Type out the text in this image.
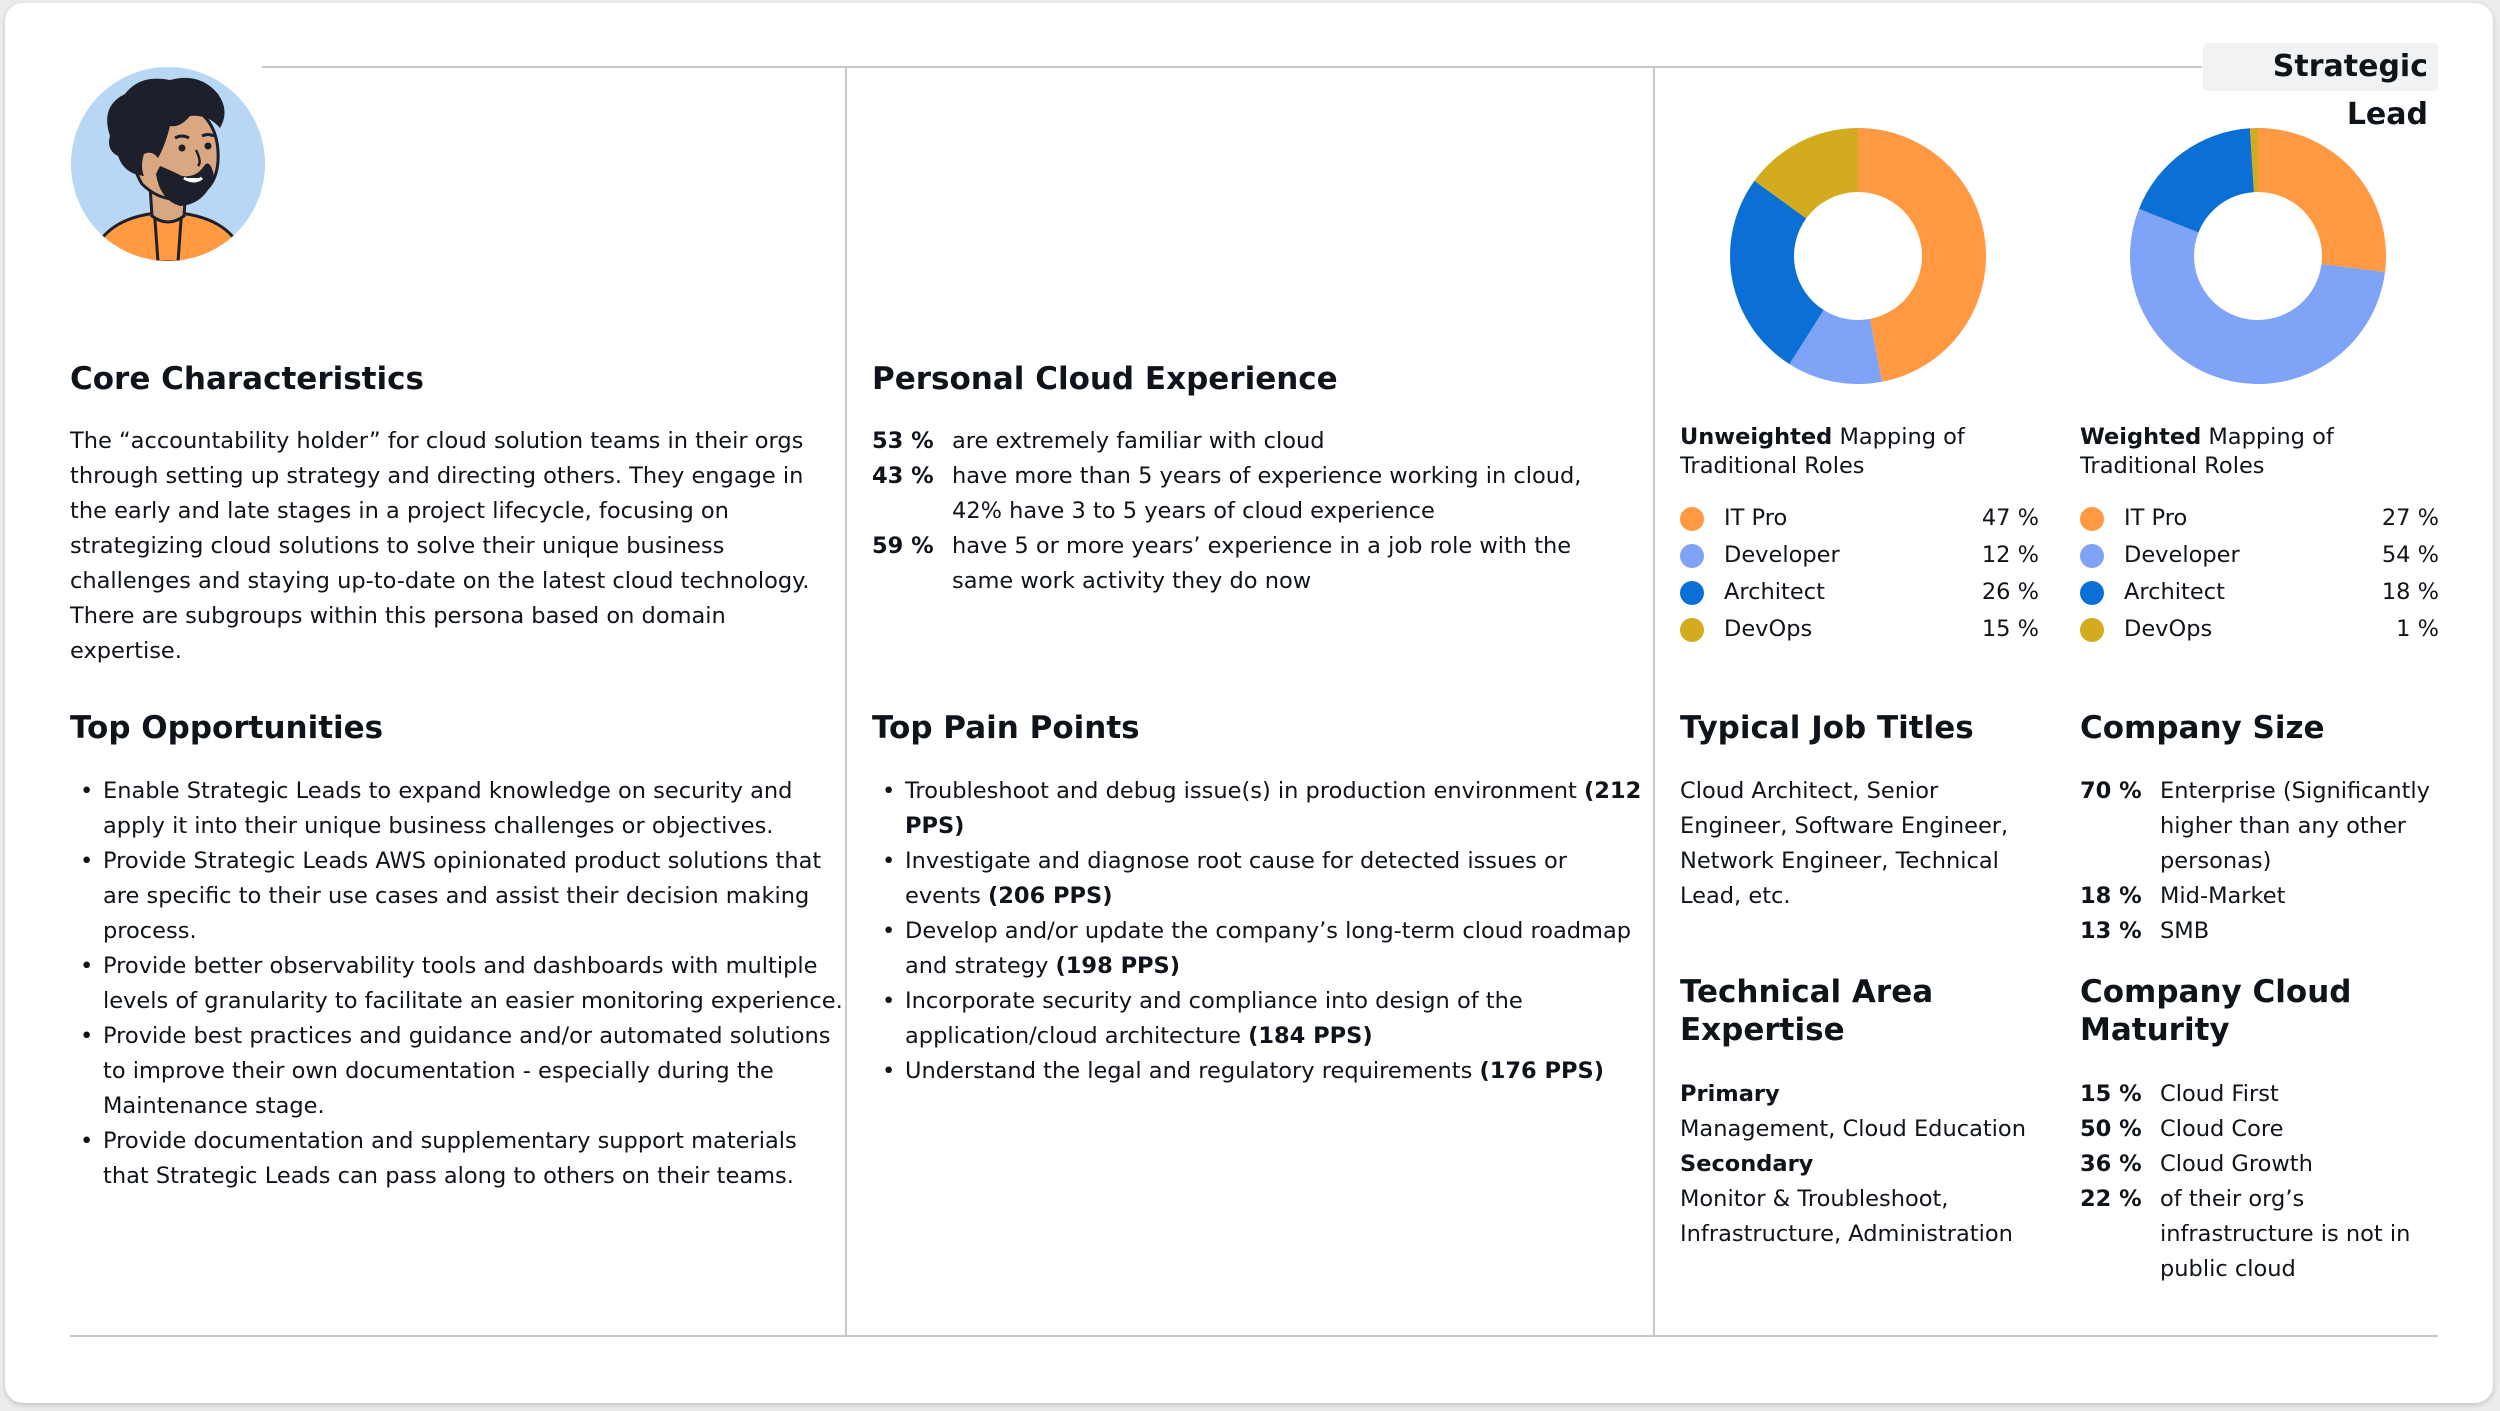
Strategic Lead
Core Characteristics

The “accountability holder” for cloud solution teams in their orgs through setting up strategy and directing others. They engage in the early and late stages in a project lifecycle, focusing on strategizing cloud solutions to solve their unique business challenges and staying up-to-date on the latest cloud technology. There are subgroups within this persona based on domain expertise.

Top Opportunities
• Enable Strategic Leads to expand knowledge on security and apply it into their unique business challenges or objectives.
• Provide Strategic Leads AWS opinionated product solutions that are specific to their use cases and assist their decision making process.
• Provide better observability tools and dashboards with multiple levels of granularity to facilitate an easier monitoring experience.
• Provide best practices and guidance and/or automated solutions to improve their own documentation - especially during the Maintenance stage.
• Provide documentation and supplementary support materials that Strategic Leads can pass along to others on their teams.
Personal Cloud Experience
53 % are extremely familiar with cloud
43 % have more than 5 years of experience working in cloud, 42% have 3 to 5 years of cloud experience
59 % have 5 or more years’ experience in a job role with the same work activity they do now
Top Pain Points
• Troubleshoot and debug issue(s) in production environment (212 PPS)
• Investigate and diagnose root cause for detected issues or events (206 PPS)
• Develop and/or update the company’s long-term cloud roadmap and strategy (198 PPS)
• Incorporate security and compliance into design of the application/cloud architecture (184 PPS)
• Understand the legal and regulatory requirements (176 PPS)
Unweighted Mapping of Traditional Roles
Weighted Mapping of Traditional Roles
IT Pro	47 %
Developer	12 %
Architect	26 %
DevOps	15 %
IT Pro	27 %
Developer	54 %
Architect	18 %
DevOps	1 %
Typical Job Titles

Cloud Architect, Senior Engineer, Software Engineer, Network Engineer, Technical Lead, etc.

Company Size
70 % Enterprise (Significantly higher than any other personas)
18 % Mid-Market
13 % SMB
Technical Area Expertise
Primary
Management, Cloud Education
Secondary
Monitor & Troubleshoot, Infrastructure, Administration
Company Cloud Maturity
15 % Cloud First
50 % Cloud Core
36 % Cloud Growth
22 % of their org’s infrastructure is not in public cloud
